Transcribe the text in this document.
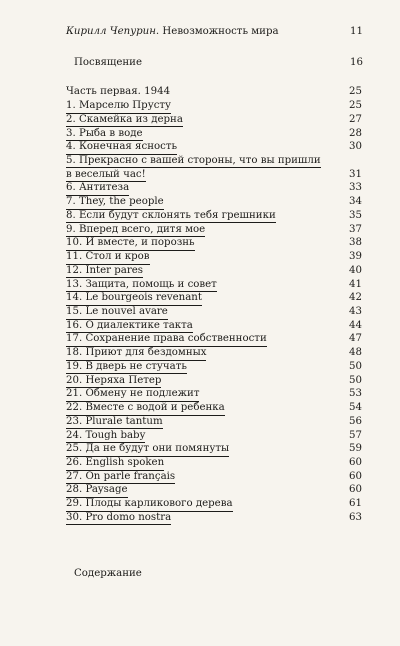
Кирилл Чепурин. Невозможность мира	11
Посвящение	16
Часть первая. 1944	25
1. Марселю Прусту	25
2. Скамейка из дерна	27
3. Рыба в воде	28
4. Конечная ясность	30
5. Прекрасно с вашей стороны, что вы пришли
в веселый час!	31
6. Антитеза	33
7. They, the people	34
8. Если будут склонять тебя грешники	35
9. Вперед всего, дитя мое	37
10. И вместе, и порознь	38
11. Стол и кров	39
12. Inter pares	40
13. Защита, помощь и совет	41
14. Le bourgeois revenant	42
15. Le nouvel avare	43
16. О диалектике такта	44
17. Сохранение права собственности	47
18. Приют для бездомных	48
19. В дверь не стучать	50
20. Неряха Петер	50
21. Обмену не подлежит	53
22. Вместе с водой и ребенка	54
23. Plurale tantum	56
24. Tough baby	57
25. Да не будут они помянуты	59
26. English spoken	60
27. On parle français	60
28. Paysage	60
29. Плоды карликового дерева	61
30. Pro domo nostra	63
Содержание
